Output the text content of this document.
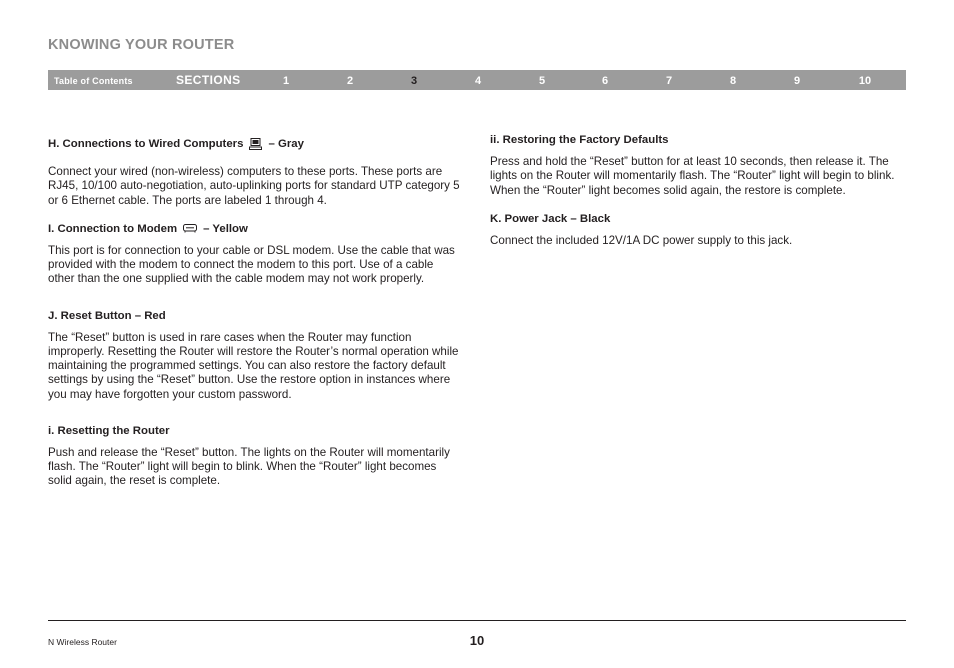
KNOWING YOUR ROUTER
Table of Contents	SECTIONS	1	2	3	4	5	6	7	8	9	10
H. Connections to Wired Computers – Gray
Connect your wired (non-wireless) computers to these ports. These ports are RJ45, 10/100 auto-negotiation, auto-uplinking ports for standard UTP category 5 or 6 Ethernet cable. The ports are labeled 1 through 4.
I. Connection to Modem – Yellow
This port is for connection to your cable or DSL modem. Use the cable that was provided with the modem to connect the modem to this port. Use of a cable other than the one supplied with the cable modem may not work properly.
J. Reset Button – Red
The “Reset” button is used in rare cases when the Router may function improperly. Resetting the Router will restore the Router’s normal operation while maintaining the programmed settings. You can also restore the factory default settings by using the “Reset” button. Use the restore option in instances where you may have forgotten your custom password.
i. Resetting the Router
Push and release the “Reset” button. The lights on the Router will momentarily flash. The “Router” light will begin to blink. When the “Router” light becomes solid again, the reset is complete.
ii. Restoring the Factory Defaults
Press and hold the “Reset” button for at least 10 seconds, then release it. The lights on the Router will momentarily flash. The “Router” light will begin to blink. When the “Router” light becomes solid again, the restore is complete.
K. Power Jack – Black
Connect the included 12V/1A DC power supply to this jack.
N Wireless Router	10
